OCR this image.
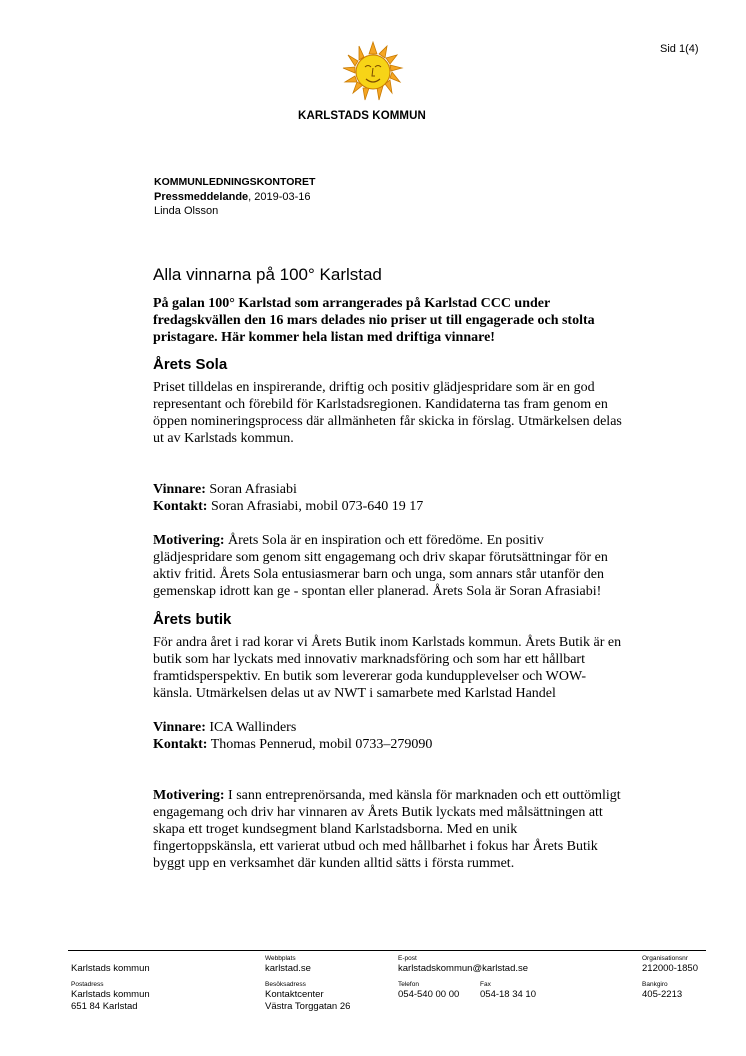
Sid 1(4)
KARLSTADS KOMMUN
KOMMUNLEDNINGSKONTORET
Pressmeddelande, 2019-03-16
Linda Olsson
Alla vinnarna på 100° Karlstad

På galan 100° Karlstad som arrangerades på Karlstad CCC under fredagskvällen den 16 mars delades nio priser ut till engagerade och stolta pristagare. Här kommer hela listan med driftiga vinnare!

Årets Sola

Priset tilldelas en inspirerande, driftig och positiv glädjespridare som är en god representant och förebild för Karlstadsregionen. Kandidaterna tas fram genom en öppen nomineringsprocess där allmänheten får skicka in förslag. Utmärkelsen delas ut av Karlstads kommun.

Vinnare: Soran Afrasiabi

Kontakt: Soran Afrasiabi, mobil 073-640 19 17

Motivering: Årets Sola är en inspiration och ett föredöme. En positiv glädjespridare som genom sitt engagemang och driv skapar förutsättningar för en aktiv fritid. Årets Sola entusiasmerar barn och unga, som annars står utanför den gemenskap idrott kan ge - spontan eller planerad. Årets Sola är Soran Afrasiabi!

Årets butik

För andra året i rad korar vi Årets Butik inom Karlstads kommun. Årets Butik är en butik som har lyckats med innovativ marknadsföring och som har ett hållbart framtidsperspektiv. En butik som levererar goda kundupplevelser och WOW-känsla. Utmärkelsen delas ut av NWT i samarbete med Karlstad Handel

Vinnare: ICA Wallinders

Kontakt: Thomas Pennerud, mobil 0733–279090

Motivering: I sann entreprenörsanda, med känsla för marknaden och ett outtömligt engagemang och driv har vinnaren av Årets Butik lyckats med målsättningen att skapa ett troget kundsegment bland Karlstadsborna. Med en unik fingertoppskänsla, ett varierat utbud och med hållbarhet i fokus har Årets Butik byggt upp en verksamhet där kunden alltid sätts i första rummet.

Karlstads kommun
Webbplats
karlstad.se
E-post
karlstadskommun@karlstad.se
Organisationsnr
212000-1850
Postadress
Karlstads kommun
651 84 Karlstad
Besöksadress
Kontaktcenter
Västra Torggatan 26
Telefon
054-540 00 00
Fax
054-18 34 10
Bankgiro
405-2213
